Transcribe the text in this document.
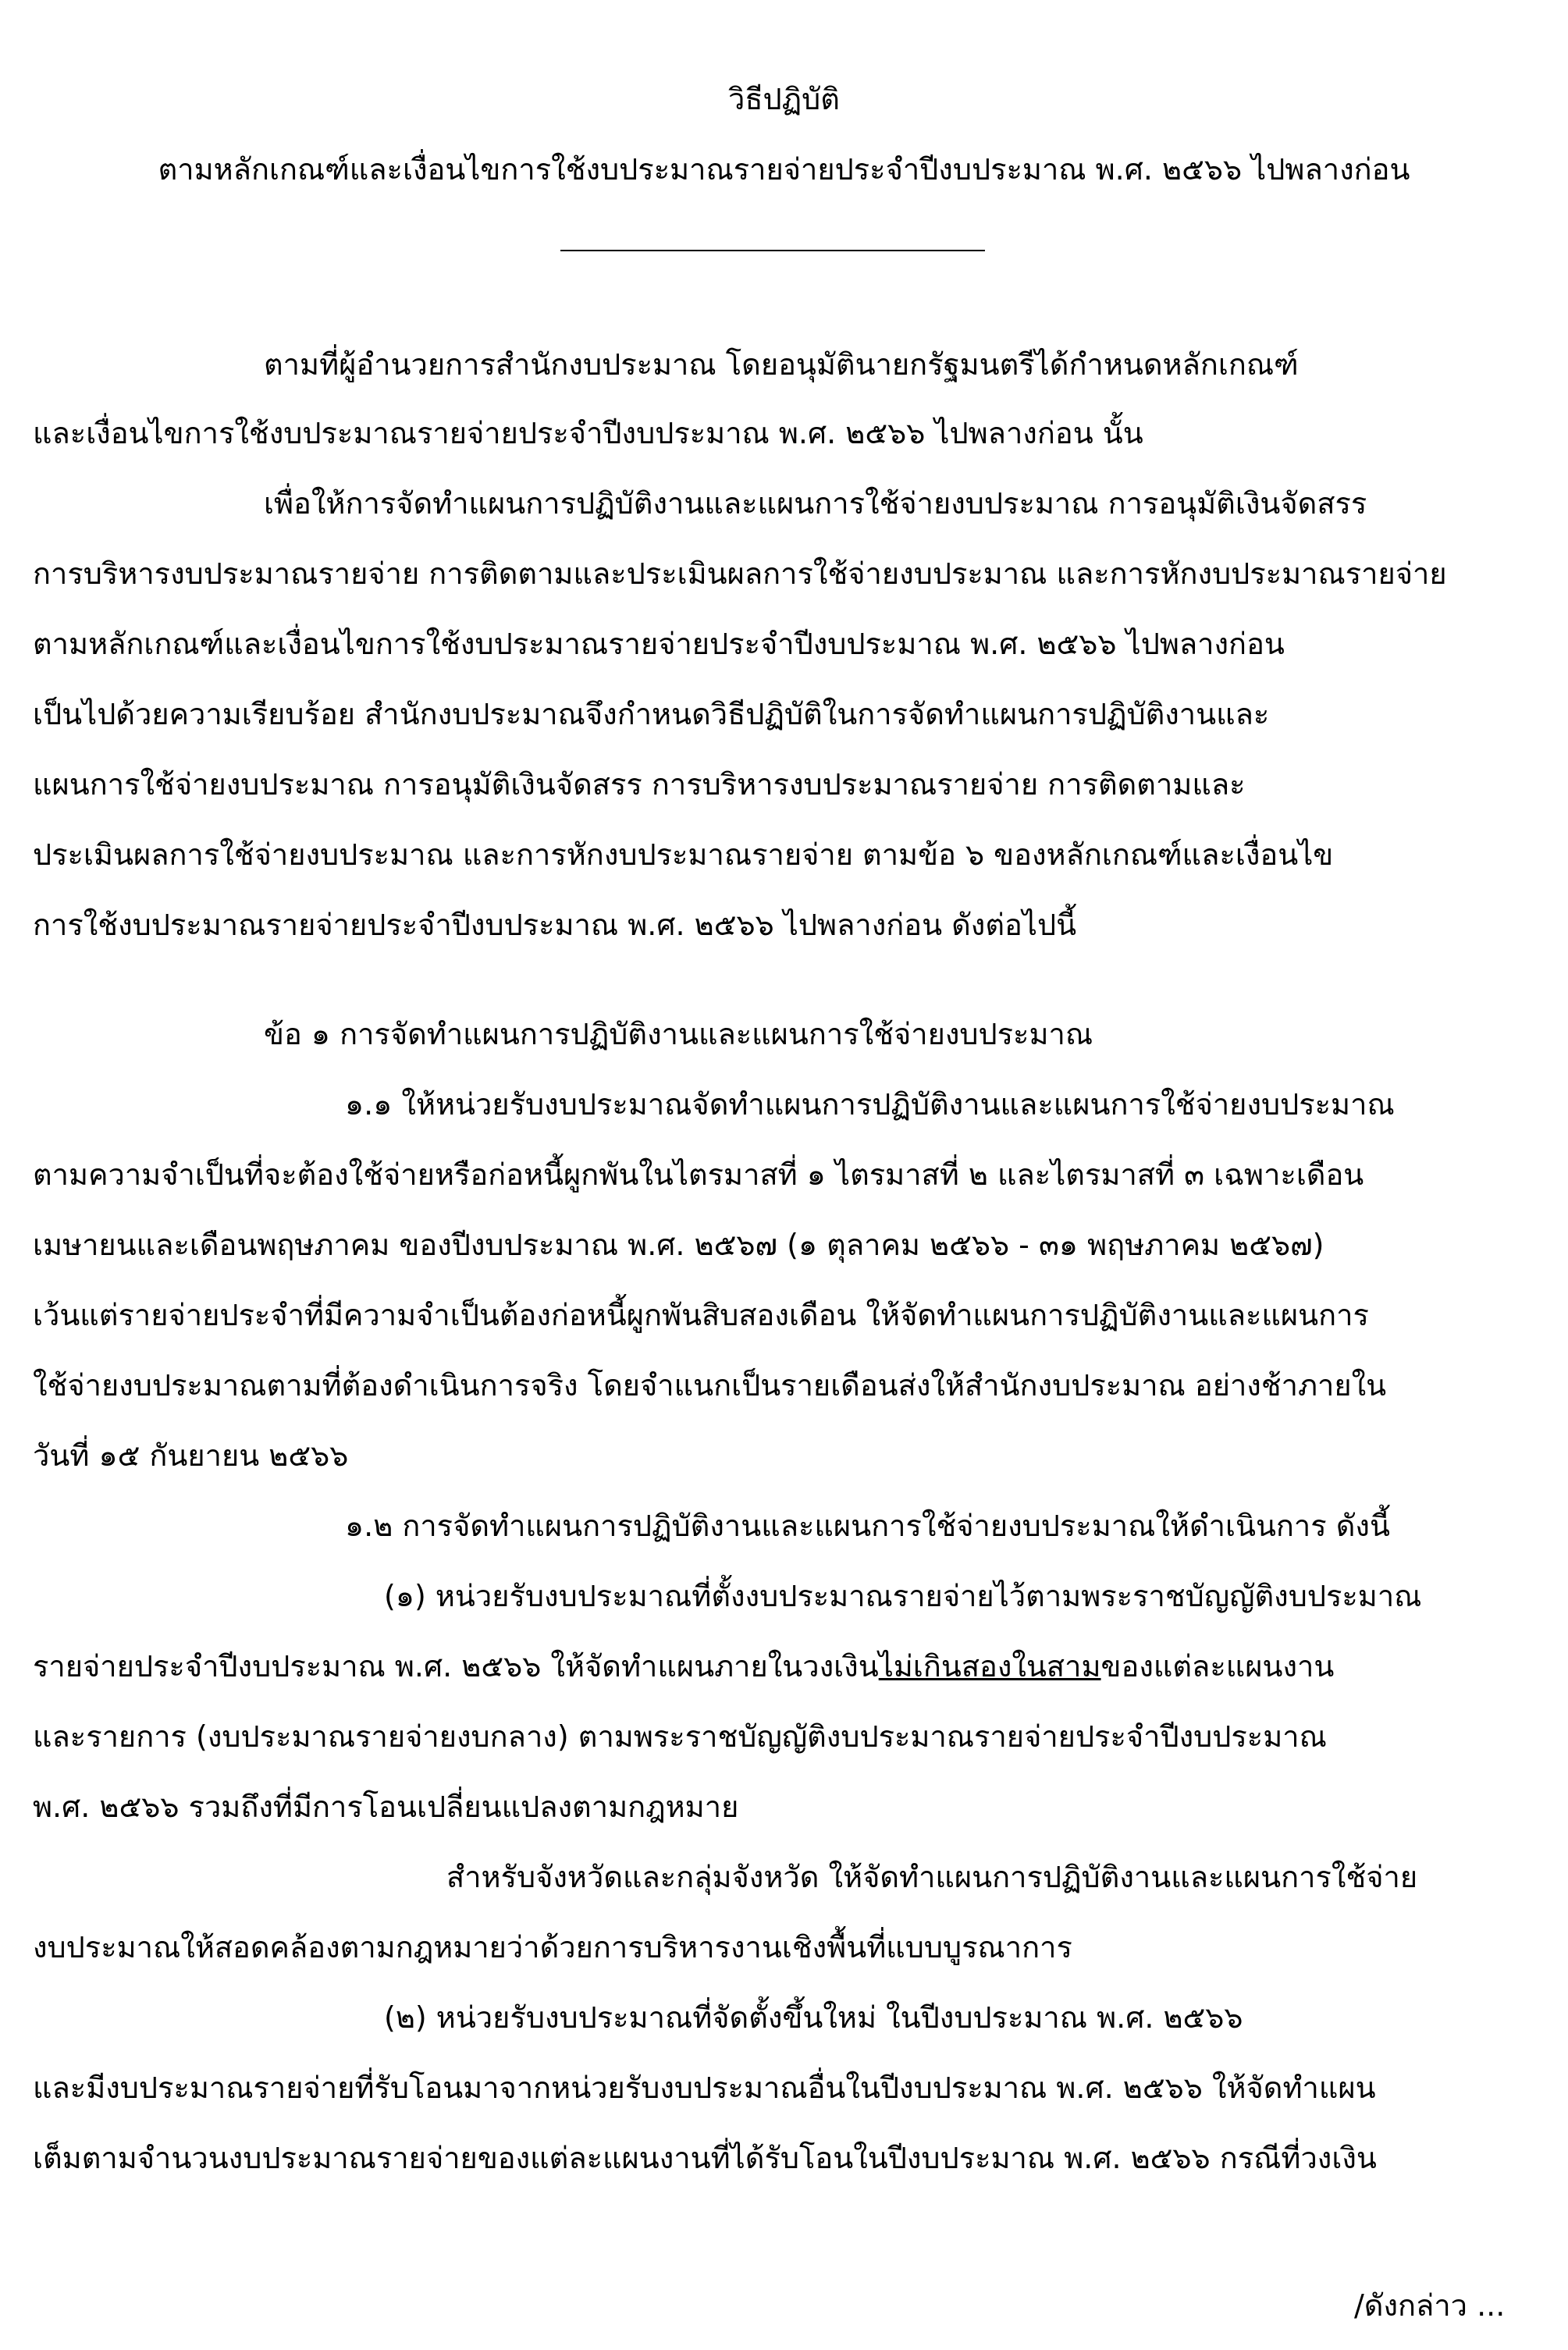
วิธีปฏิบัติ
ตามหลักเกณฑ์และเงื่อนไขการใช้งบประมาณรายจ่ายประจำปีงบประมาณ พ.ศ. ๒๕๖๖ ไปพลางก่อน
ตามที่ผู้อำนวยการสำนักงบประมาณ โดยอนุมัตินายกรัฐมนตรีได้กำหนดหลักเกณฑ์
และเงื่อนไขการใช้งบประมาณรายจ่ายประจำปีงบประมาณ พ.ศ. ๒๕๖๖ ไปพลางก่อน นั้น
เพื่อให้การจัดทำแผนการปฏิบัติงานและแผนการใช้จ่ายงบประมาณ การอนุมัติเงินจัดสรร
การบริหารงบประมาณรายจ่าย การติดตามและประเมินผลการใช้จ่ายงบประมาณ และการหักงบประมาณรายจ่าย
ตามหลักเกณฑ์และเงื่อนไขการใช้งบประมาณรายจ่ายประจำปีงบประมาณ พ.ศ. ๒๕๖๖ ไปพลางก่อน
เป็นไปด้วยความเรียบร้อย สำนักงบประมาณจึงกำหนดวิธีปฏิบัติในการจัดทำแผนการปฏิบัติงานและ
แผนการใช้จ่ายงบประมาณ การอนุมัติเงินจัดสรร การบริหารงบประมาณรายจ่าย การติดตามและ
ประเมินผลการใช้จ่ายงบประมาณ และการหักงบประมาณรายจ่าย ตามข้อ ๖ ของหลักเกณฑ์และเงื่อนไข
การใช้งบประมาณรายจ่ายประจำปีงบประมาณ พ.ศ. ๒๕๖๖ ไปพลางก่อน ดังต่อไปนี้
ข้อ ๑ การจัดทำแผนการปฏิบัติงานและแผนการใช้จ่ายงบประมาณ
๑.๑ ให้หน่วยรับงบประมาณจัดทำแผนการปฏิบัติงานและแผนการใช้จ่ายงบประมาณ
ตามความจำเป็นที่จะต้องใช้จ่ายหรือก่อหนี้ผูกพันในไตรมาสที่ ๑ ไตรมาสที่ ๒ และไตรมาสที่ ๓ เฉพาะเดือน
เมษายนและเดือนพฤษภาคม ของปีงบประมาณ พ.ศ. ๒๕๖๗ (๑ ตุลาคม ๒๕๖๖ - ๓๑ พฤษภาคม ๒๕๖๗)
เว้นแต่รายจ่ายประจำที่มีความจำเป็นต้องก่อหนี้ผูกพันสิบสองเดือน ให้จัดทำแผนการปฏิบัติงานและแผนการ
ใช้จ่ายงบประมาณตามที่ต้องดำเนินการจริง โดยจำแนกเป็นรายเดือนส่งให้สำนักงบประมาณ อย่างช้าภายใน
วันที่ ๑๕ กันยายน ๒๕๖๖
๑.๒ การจัดทำแผนการปฏิบัติงานและแผนการใช้จ่ายงบประมาณให้ดำเนินการ ดังนี้
(๑) หน่วยรับงบประมาณที่ตั้งงบประมาณรายจ่ายไว้ตามพระราชบัญญัติงบประมาณ
รายจ่ายประจำปีงบประมาณ พ.ศ. ๒๕๖๖ ให้จัดทำแผนภายในวงเงินไม่เกินสองในสามของแต่ละแผนงาน
และรายการ (งบประมาณรายจ่ายงบกลาง) ตามพระราชบัญญัติงบประมาณรายจ่ายประจำปีงบประมาณ
พ.ศ. ๒๕๖๖ รวมถึงที่มีการโอนเปลี่ยนแปลงตามกฎหมาย
สำหรับจังหวัดและกลุ่มจังหวัด ให้จัดทำแผนการปฏิบัติงานและแผนการใช้จ่าย
งบประมาณให้สอดคล้องตามกฎหมายว่าด้วยการบริหารงานเชิงพื้นที่แบบบูรณาการ
(๒) หน่วยรับงบประมาณที่จัดตั้งขึ้นใหม่ ในปีงบประมาณ พ.ศ. ๒๕๖๖
และมีงบประมาณรายจ่ายที่รับโอนมาจากหน่วยรับงบประมาณอื่นในปีงบประมาณ พ.ศ. ๒๕๖๖ ให้จัดทำแผน
เต็มตามจำนวนงบประมาณรายจ่ายของแต่ละแผนงานที่ได้รับโอนในปีงบประมาณ พ.ศ. ๒๕๖๖ กรณีที่วงเงิน
/ดังกล่าว ...
